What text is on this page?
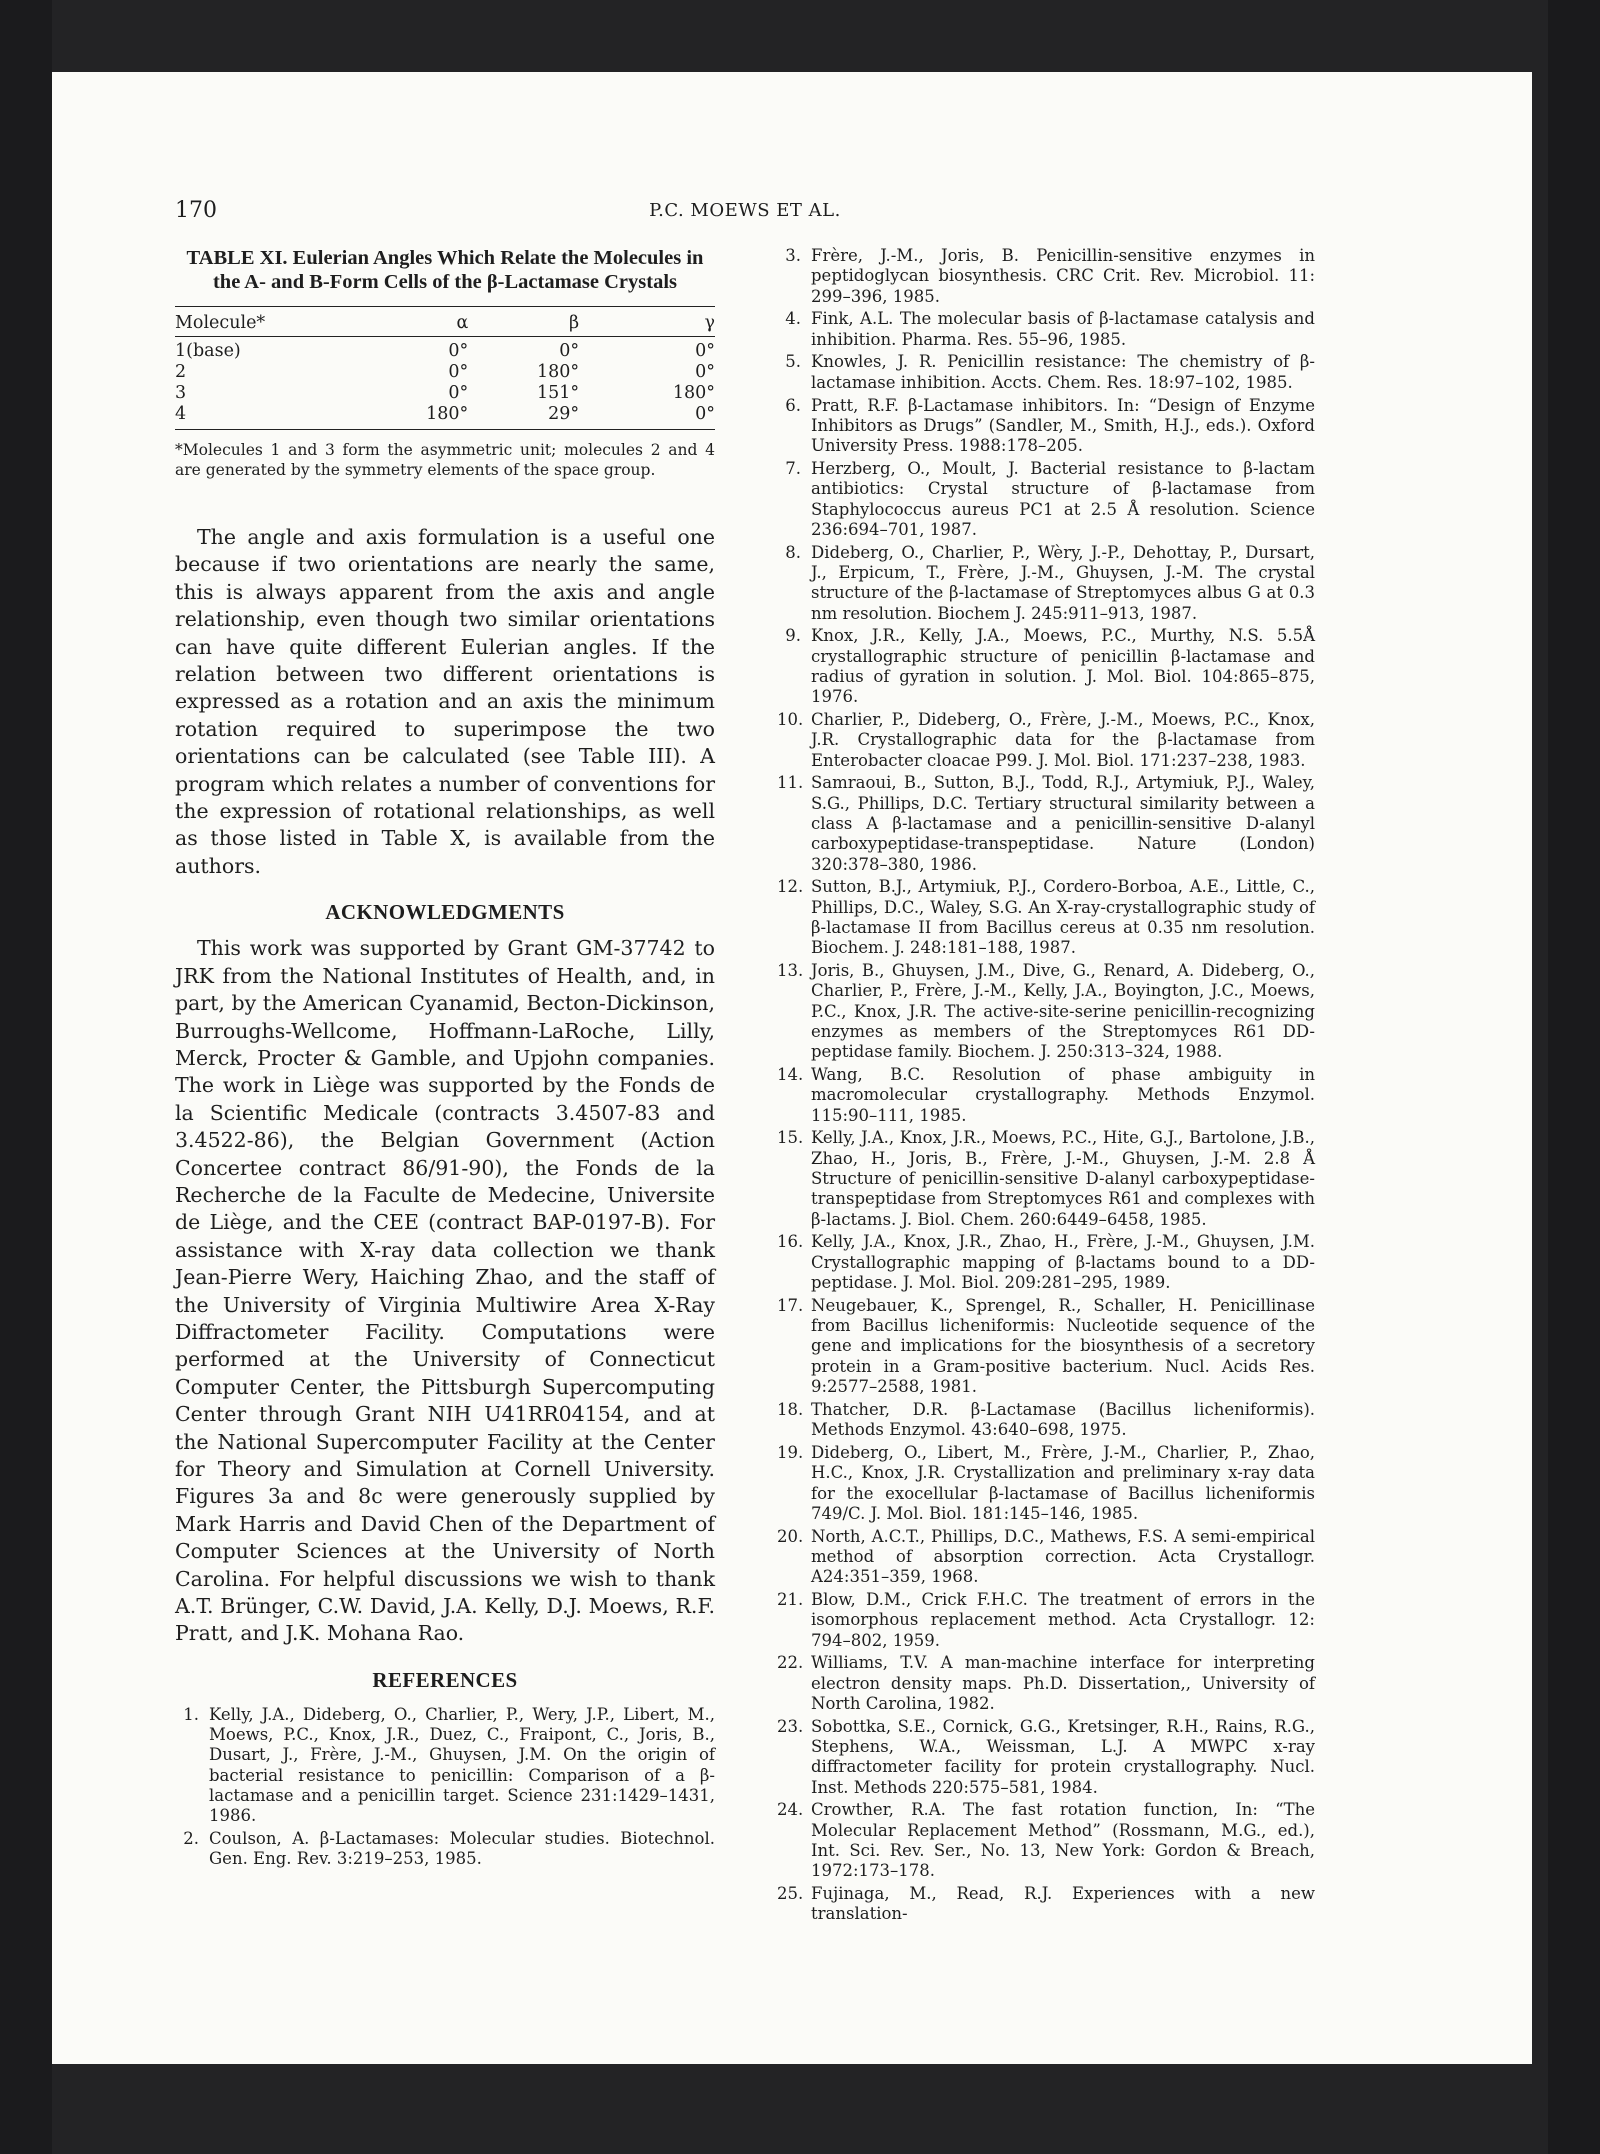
170	P.C. MOEWS ET AL.

TABLE XI. Eulerian Angles Which Relate the Molecules in the A- and B-Form Cells of the β-Lactamase Crystals

Molecule*	α	β	γ
1(base)	0°	0°	0°
2	0°	180°	0°
3	0°	151°	180°
4	180°	29°	0°

*Molecules 1 and 3 form the asymmetric unit; molecules 2 and 4 are generated by the symmetry elements of the space group.

The angle and axis formulation is a useful one because if two orientations are nearly the same, this is always apparent from the axis and angle relationship, even though two similar orientations can have quite different Eulerian angles. If the relation between two different orientations is expressed as a rotation and an axis the minimum rotation required to superimpose the two orientations can be calculated (see Table III). A program which relates a number of conventions for the expression of rotational relationships, as well as those listed in Table X, is available from the authors.

ACKNOWLEDGMENTS

This work was supported by Grant GM-37742 to JRK from the National Institutes of Health, and, in part, by the American Cyanamid, Becton-Dickinson, Burroughs-Wellcome, Hoffmann-LaRoche, Lilly, Merck, Procter & Gamble, and Upjohn companies. The work in Liège was supported by the Fonds de la Scientific Medicale (contracts 3.4507-83 and 3.4522-86), the Belgian Government (Action Concertee contract 86/91-90), the Fonds de la Recherche de la Faculte de Medecine, Universite de Liège, and the CEE (contract BAP-0197-B). For assistance with X-ray data collection we thank Jean-Pierre Wery, Haiching Zhao, and the staff of the University of Virginia Multiwire Area X-Ray Diffractometer Facility. Computations were performed at the University of Connecticut Computer Center, the Pittsburgh Supercomputing Center through Grant NIH U41RR04154, and at the National Supercomputer Facility at the Center for Theory and Simulation at Cornell University. Figures 3a and 8c were generously supplied by Mark Harris and David Chen of the Department of Computer Sciences at the University of North Carolina. For helpful discussions we wish to thank A.T. Brünger, C.W. David, J.A. Kelly, D.J. Moews, R.F. Pratt, and J.K. Mohana Rao.

REFERENCES
1. Kelly, J.A., Dideberg, O., Charlier, P., Wery, J.P., Libert, M., Moews, P.C., Knox, J.R., Duez, C., Fraipont, C., Joris, B., Dusart, J., Frère, J.-M., Ghuysen, J.M. On the origin of bacterial resistance to penicillin: Comparison of a β-lactamase and a penicillin target. Science 231:1429–1431, 1986.
2. Coulson, A. β-Lactamases: Molecular studies. Biotechnol. Gen. Eng. Rev. 3:219–253, 1985.
3. Frère, J.-M., Joris, B. Penicillin-sensitive enzymes in peptidoglycan biosynthesis. CRC Crit. Rev. Microbiol. 11: 299–396, 1985.
4. Fink, A.L. The molecular basis of β-lactamase catalysis and inhibition. Pharma. Res. 55–96, 1985.
5. Knowles, J. R. Penicillin resistance: The chemistry of β-lactamase inhibition. Accts. Chem. Res. 18:97–102, 1985.
6. Pratt, R.F. β-Lactamase inhibitors. In: “Design of Enzyme Inhibitors as Drugs” (Sandler, M., Smith, H.J., eds.). Oxford University Press. 1988:178–205.
7. Herzberg, O., Moult, J. Bacterial resistance to β-lactam antibiotics: Crystal structure of β-lactamase from Staphylococcus aureus PC1 at 2.5 Å resolution. Science 236:694–701, 1987.
8. Dideberg, O., Charlier, P., Wèry, J.-P., Dehottay, P., Dursart, J., Erpicum, T., Frère, J.-M., Ghuysen, J.-M. The crystal structure of the β-lactamase of Streptomyces albus G at 0.3 nm resolution. Biochem J. 245:911–913, 1987.
9. Knox, J.R., Kelly, J.A., Moews, P.C., Murthy, N.S. 5.5Å crystallographic structure of penicillin β-lactamase and radius of gyration in solution. J. Mol. Biol. 104:865–875, 1976.
10. Charlier, P., Dideberg, O., Frère, J.-M., Moews, P.C., Knox, J.R. Crystallographic data for the β-lactamase from Enterobacter cloacae P99. J. Mol. Biol. 171:237–238, 1983.
11. Samraoui, B., Sutton, B.J., Todd, R.J., Artymiuk, P.J., Waley, S.G., Phillips, D.C. Tertiary structural similarity between a class A β-lactamase and a penicillin-sensitive D-alanyl carboxypeptidase-transpeptidase. Nature (London) 320:378–380, 1986.
12. Sutton, B.J., Artymiuk, P.J., Cordero-Borboa, A.E., Little, C., Phillips, D.C., Waley, S.G. An X-ray-crystallographic study of β-lactamase II from Bacillus cereus at 0.35 nm resolution. Biochem. J. 248:181–188, 1987.
13. Joris, B., Ghuysen, J.M., Dive, G., Renard, A. Dideberg, O., Charlier, P., Frère, J.-M., Kelly, J.A., Boyington, J.C., Moews, P.C., Knox, J.R. The active-site-serine penicillin-recognizing enzymes as members of the Streptomyces R61 DD-peptidase family. Biochem. J. 250:313–324, 1988.
14. Wang, B.C. Resolution of phase ambiguity in macromolecular crystallography. Methods Enzymol. 115:90–111, 1985.
15. Kelly, J.A., Knox, J.R., Moews, P.C., Hite, G.J., Bartolone, J.B., Zhao, H., Joris, B., Frère, J.-M., Ghuysen, J.-M. 2.8 Å Structure of penicillin-sensitive D-alanyl carboxypeptidase-transpeptidase from Streptomyces R61 and complexes with β-lactams. J. Biol. Chem. 260:6449–6458, 1985.
16. Kelly, J.A., Knox, J.R., Zhao, H., Frère, J.-M., Ghuysen, J.M. Crystallographic mapping of β-lactams bound to a DD-peptidase. J. Mol. Biol. 209:281–295, 1989.
17. Neugebauer, K., Sprengel, R., Schaller, H. Penicillinase from Bacillus licheniformis: Nucleotide sequence of the gene and implications for the biosynthesis of a secretory protein in a Gram-positive bacterium. Nucl. Acids Res. 9:2577–2588, 1981.
18. Thatcher, D.R. β-Lactamase (Bacillus licheniformis). Methods Enzymol. 43:640–698, 1975.
19. Dideberg, O., Libert, M., Frère, J.-M., Charlier, P., Zhao, H.C., Knox, J.R. Crystallization and preliminary x-ray data for the exocellular β-lactamase of Bacillus licheniformis 749/C. J. Mol. Biol. 181:145–146, 1985.
20. North, A.C.T., Phillips, D.C., Mathews, F.S. A semi-empirical method of absorption correction. Acta Crystallogr. A24:351–359, 1968.
21. Blow, D.M., Crick F.H.C. The treatment of errors in the isomorphous replacement method. Acta Crystallogr. 12: 794–802, 1959.
22. Williams, T.V. A man-machine interface for interpreting electron density maps. Ph.D. Dissertation,, University of North Carolina, 1982.
23. Sobottka, S.E., Cornick, G.G., Kretsinger, R.H., Rains, R.G., Stephens, W.A., Weissman, L.J. A MWPC x-ray diffractometer facility for protein crystallography. Nucl. Inst. Methods 220:575–581, 1984.
24. Crowther, R.A. The fast rotation function, In: “The Molecular Replacement Method” (Rossmann, M.G., ed.), Int. Sci. Rev. Ser., No. 13, New York: Gordon & Breach, 1972:173–178.
25. Fujinaga, M., Read, R.J. Experiences with a new translation-
